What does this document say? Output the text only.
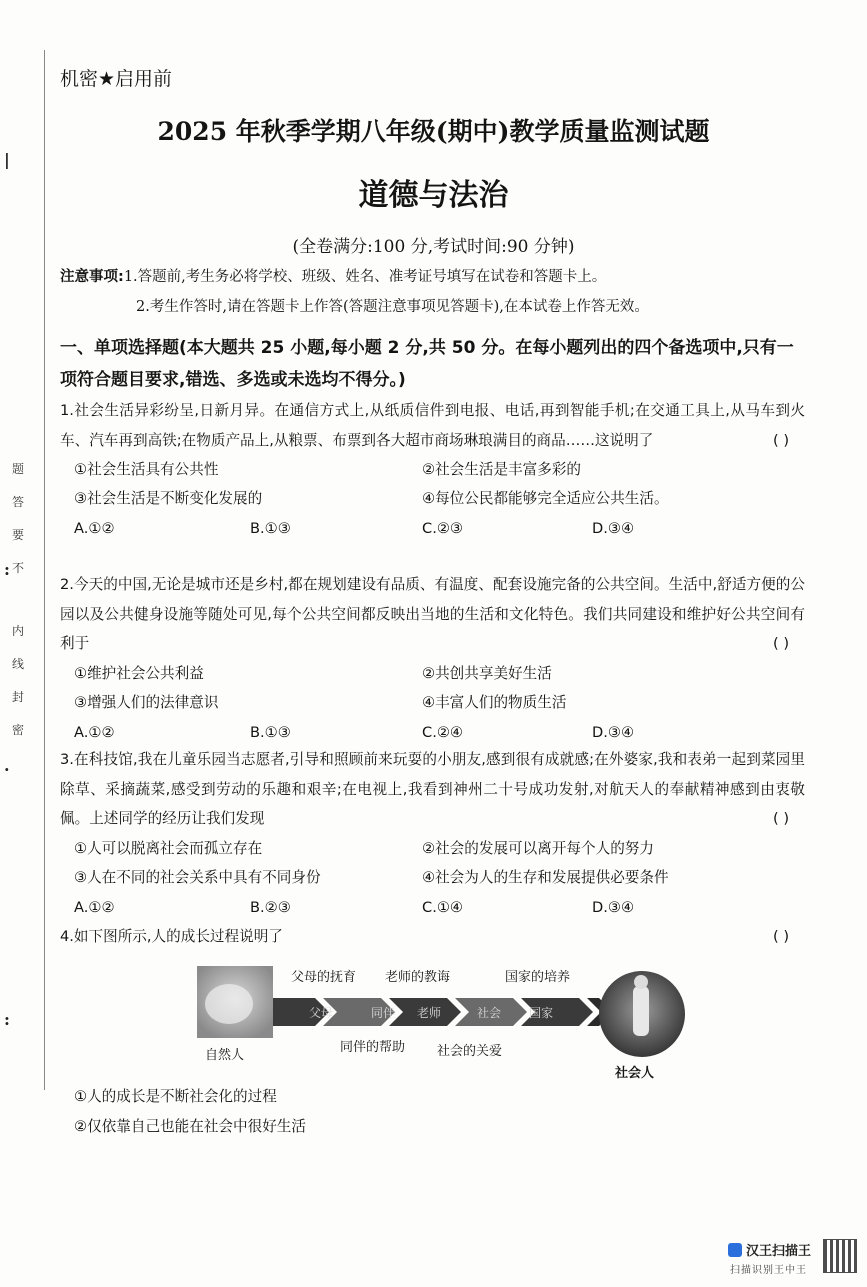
题
答
要
不
内
线
封
密
|
:
·
:
机密★启用前
2025 年秋季学期八年级(期中)教学质量监测试题
道德与法治
(全卷满分:100 分,考试时间:90 分钟)
注意事项:1.答题前,考生务必将学校、班级、姓名、准考证号填写在试卷和答题卡上。
2.考生作答时,请在答题卡上作答(答题注意事项见答题卡),在本试卷上作答无效。
一、单项选择题(本大题共 25 小题,每小题 2 分,共 50 分。在每小题列出的四个备选项中,只有一项符合题目要求,错选、多选或未选均不得分。)

1.社会生活异彩纷呈,日新月异。在通信方式上,从纸质信件到电报、电话,再到智能手机;在交通工具上,从马车到火车、汽车再到高铁;在物质产品上,从粮票、布票到各大超市商场琳琅满目的商品……这说明了	( )

①社会生活具有公共性	②社会生活是丰富多彩的
③社会生活是不断变化发展的	④每位公民都能够完全适应公共生活。
A.①②	B.①③	C.②③	D.③④

2.今天的中国,无论是城市还是乡村,都在规划建设有品质、有温度、配套设施完备的公共空间。生活中,舒适方便的公园以及公共健身设施等随处可见,每个公共空间都反映出当地的生活和文化特色。我们共同建设和维护好公共空间有利于	( )

①维护社会公共利益	②共创共享美好生活
③增强人们的法律意识	④丰富人们的物质生活
A.①②	B.①③	C.②④	D.③④

3.在科技馆,我在儿童乐园当志愿者,引导和照顾前来玩耍的小朋友,感到很有成就感;在外婆家,我和表弟一起到菜园里除草、采摘蔬菜,感受到劳动的乐趣和艰辛;在电视上,我看到神州二十号成功发射,对航天人的奉献精神感到由衷敬佩。上述同学的经历让我们发现	( )

①人可以脱离社会而孤立存在	②社会的发展可以离开每个人的努力
③人在不同的社会关系中具有不同身份	④社会为人的生存和发展提供必要条件
A.①②	B.②③	C.①④	D.③④

4.如下图所示,人的成长过程说明了	( )

父母的抚育 老师的教诲	国家的培养
同伴的帮助 社会的关爱
父母	同伴 老师	社会 国家
自然人
社会人
①人的成长是不断社会化的过程
②仅依靠自己也能在社会中很好生活
汉王扫描王
扫描识别王中王
